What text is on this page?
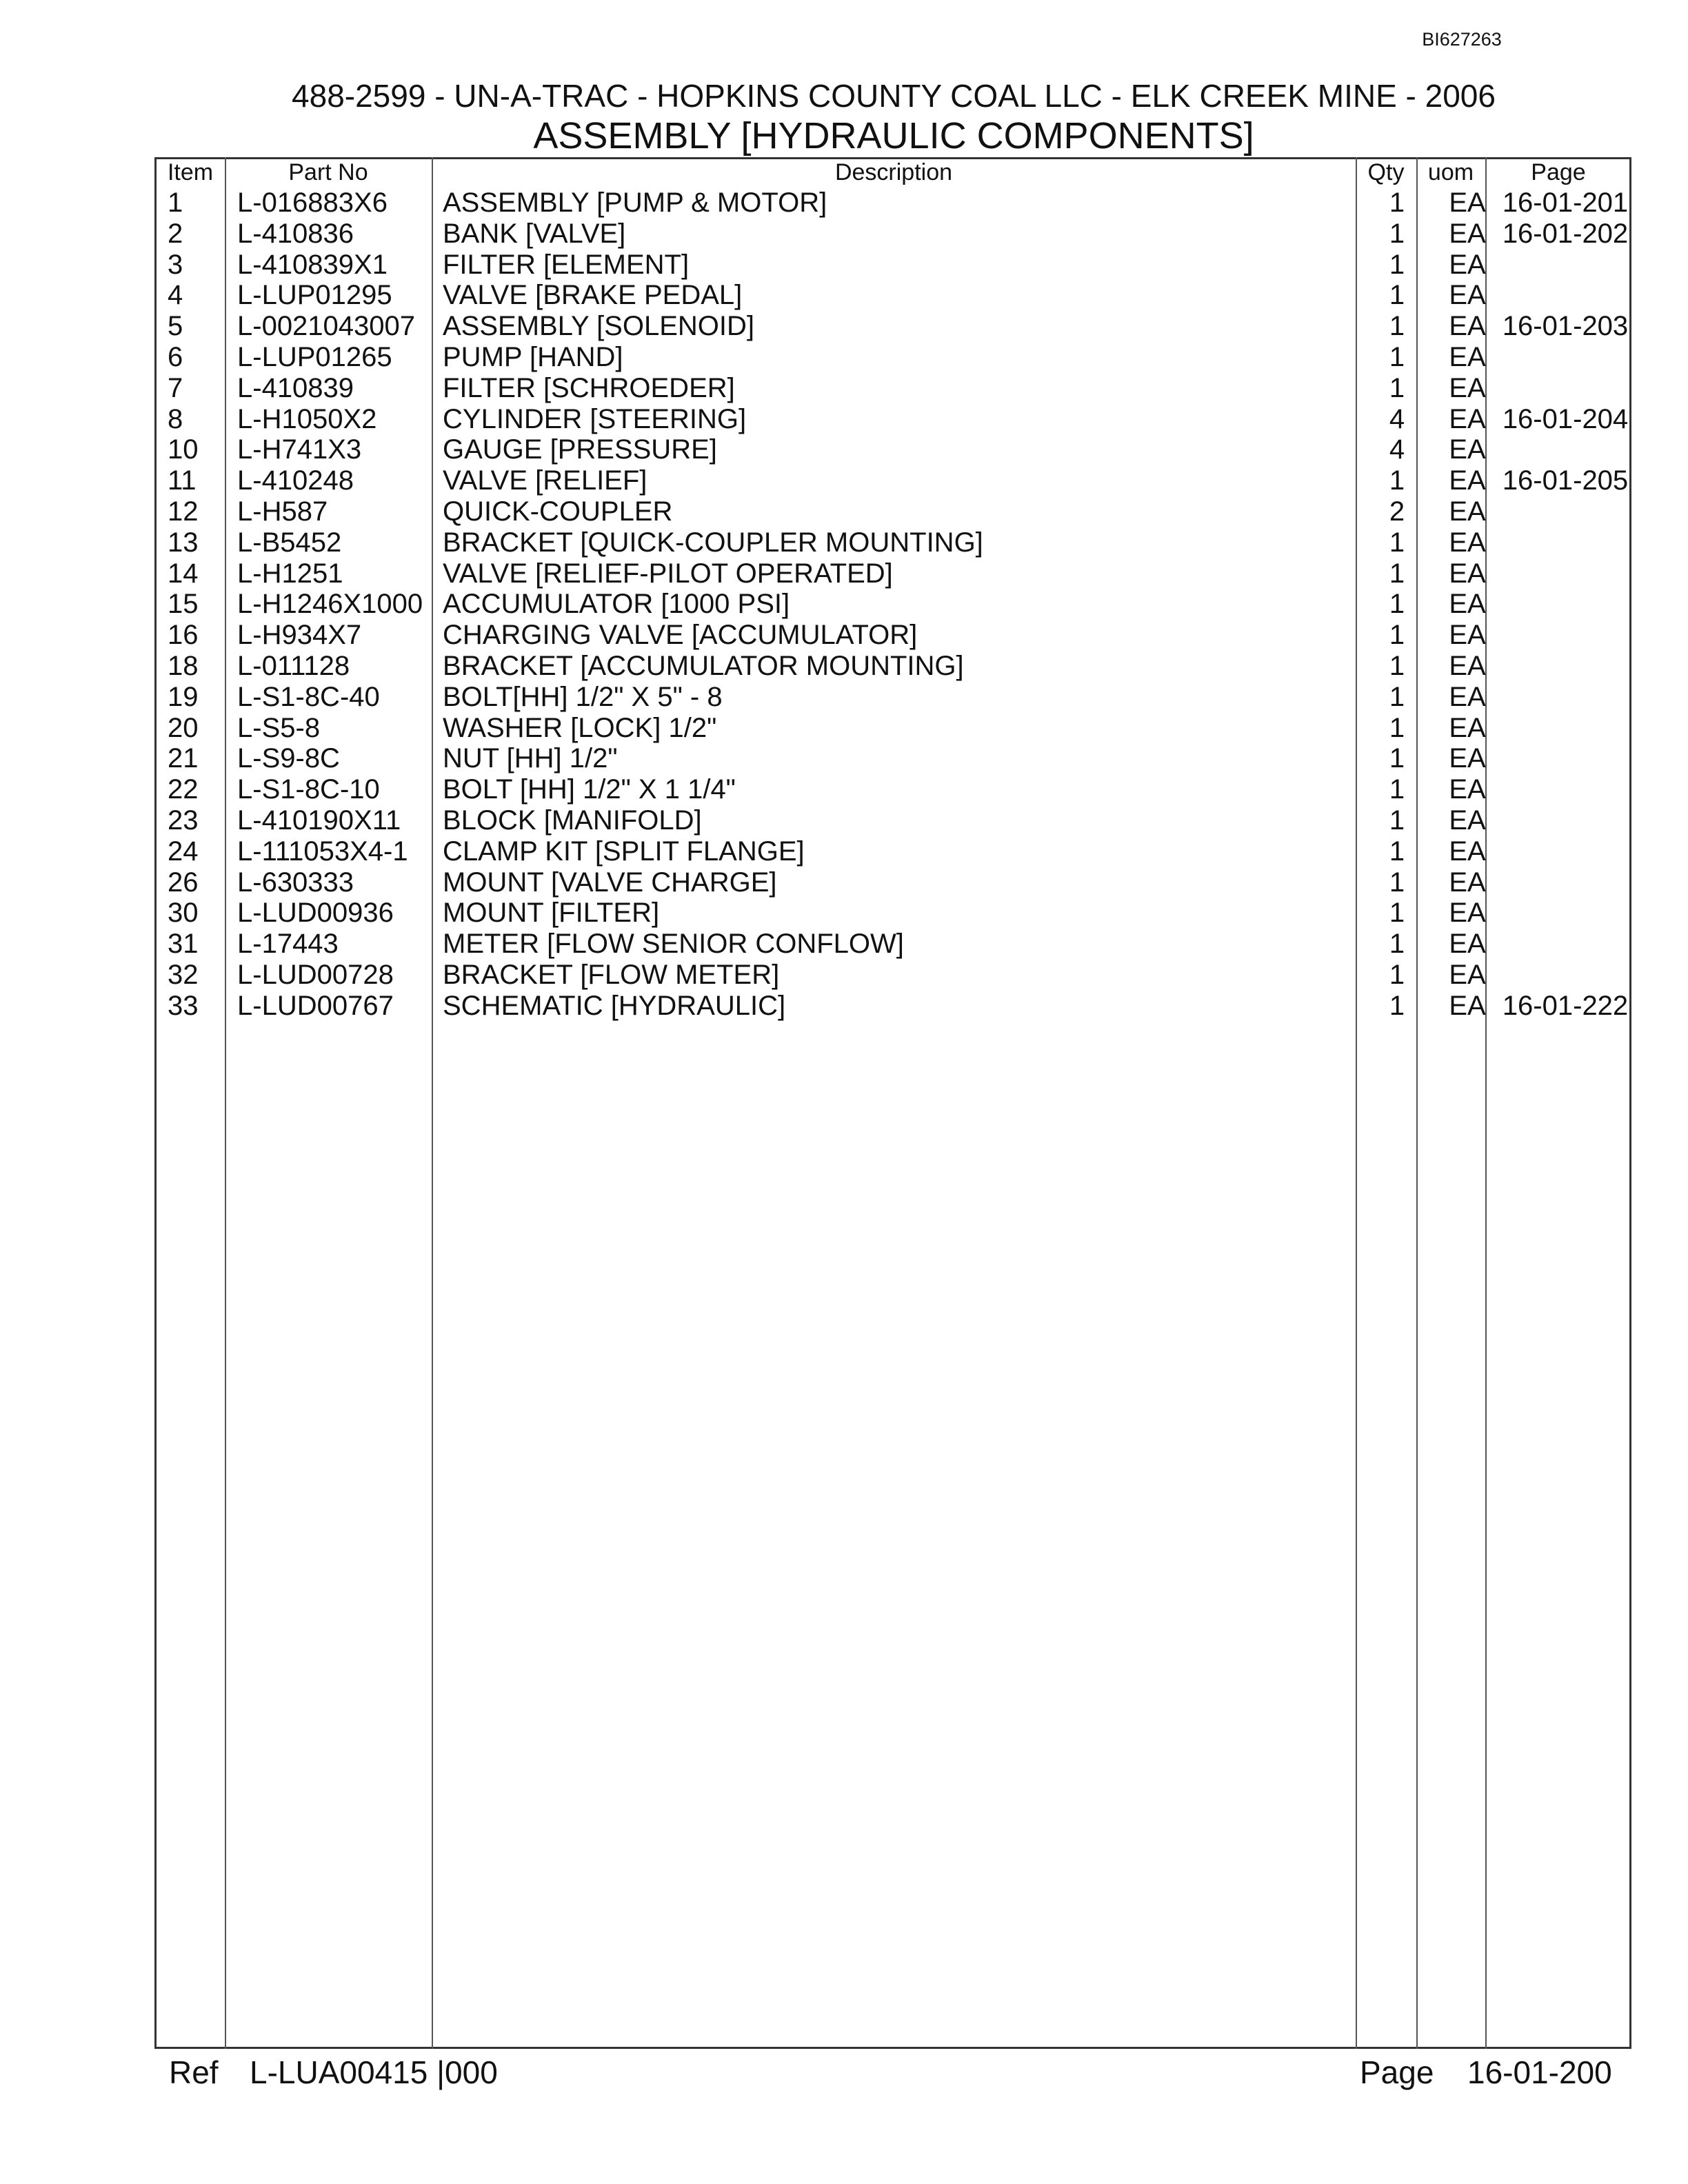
BI627263
488-2599 - UN-A-TRAC - HOPKINS COUNTY COAL LLC - ELK CREEK MINE - 2006
ASSEMBLY [HYDRAULIC COMPONENTS]
Item	Part No	Description	Qty	uom	Page
1 L-016883X6 ASSEMBLY [PUMP & MOTOR]	1	EA 16-01-201
2 L-410836	BANK [VALVE]	1	EA 16-01-202
3 L-410839X1 FILTER [ELEMENT]	1	EA
4 L-LUP01295 VALVE [BRAKE PEDAL]	1	EA
5 L-0021043007 ASSEMBLY [SOLENOID]	1	EA 16-01-203
6 L-LUP01265 PUMP [HAND]	1	EA
7 L-410839	FILTER [SCHROEDER]	1	EA
8 L-H1050X2 CYLINDER [STEERING]	4	EA 16-01-204
10 L-H741X3	GAUGE [PRESSURE]	4	EA
11 L-410248	VALVE [RELIEF]	1	EA 16-01-205
12 L-H587	QUICK-COUPLER	2	EA
13 L-B5452	BRACKET [QUICK-COUPLER MOUNTING]	1	EA
14 L-H1251	VALVE [RELIEF-PILOT OPERATED]	1	EA
15 L-H1246X1000 ACCUMULATOR [1000 PSI]	1	EA
16 L-H934X7	CHARGING VALVE [ACCUMULATOR]	1	EA
18 L-011128	BRACKET [ACCUMULATOR MOUNTING]	1	EA
19 L-S1-8C-40 BOLT[HH] 1/2" X 5" - 8	1	EA
20 L-S5-8	WASHER [LOCK] 1/2"	1	EA
21 L-S9-8C	NUT [HH] 1/2"	1	EA
22 L-S1-8C-10 BOLT [HH] 1/2" X 1 1/4"	1	EA
23 L-410190X11 BLOCK [MANIFOLD]	1	EA
24 L-111053X4-1 CLAMP KIT [SPLIT FLANGE]	1	EA
26 L-630333	MOUNT [VALVE CHARGE]	1	EA
30 L-LUD00936 MOUNT [FILTER]	1	EA
31 L-17443	METER [FLOW SENIOR CONFLOW]	1	EA
32 L-LUD00728 BRACKET [FLOW METER]	1	EA
33 L-LUD00767 SCHEMATIC [HYDRAULIC]	1	EA 16-01-222
Ref L-LUA00415 |000	Page 16-01-200
